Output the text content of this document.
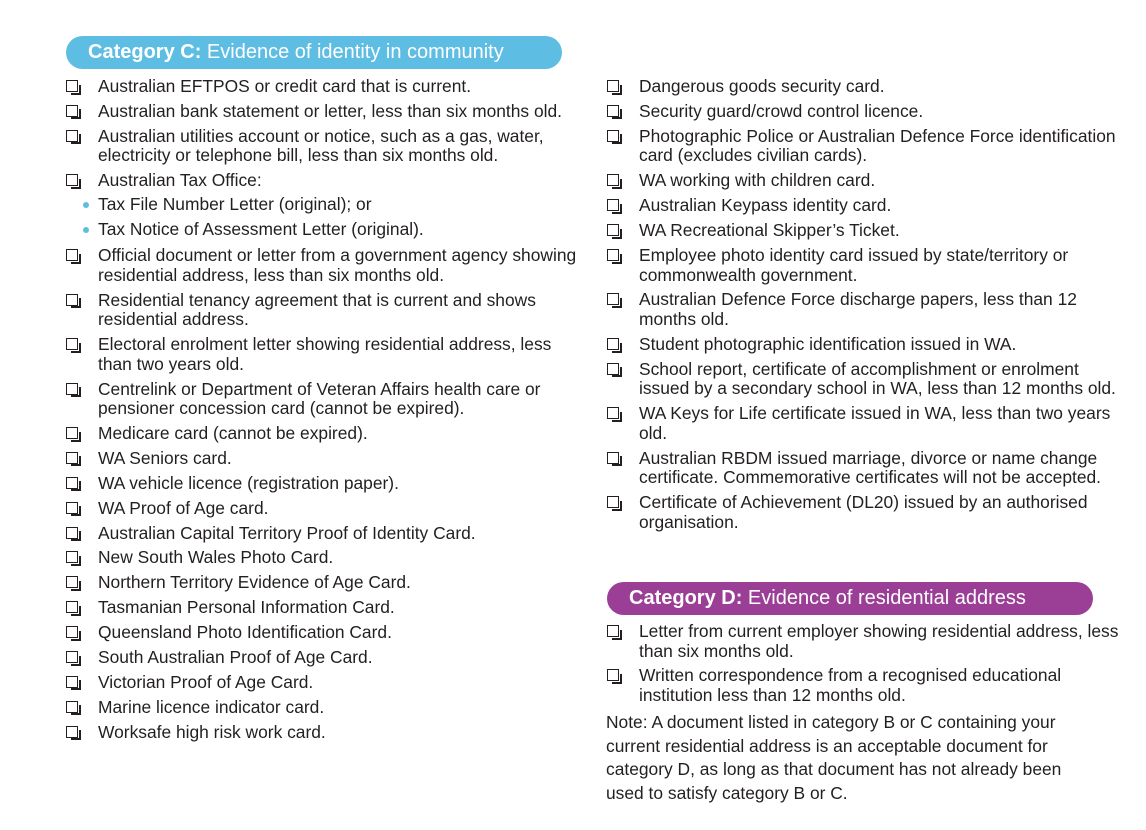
Category C: Evidence of identity in community
Australian EFTPOS or credit card that is current.
Australian bank statement or letter, less than six months old.
Australian utilities account or notice, such as a gas, water, electricity or telephone bill, less than six months old.
Australian Tax Office:
Tax File Number Letter (original); or
Tax Notice of Assessment Letter (original).
Official document or letter from a government agency showing residential address, less than six months old.
Residential tenancy agreement that is current and shows residential address.
Electoral enrolment letter showing residential address, less than two years old.
Centrelink or Department of Veteran Affairs health care or pensioner concession card (cannot be expired).
Medicare card (cannot be expired).
WA Seniors card.
WA vehicle licence (registration paper).
WA Proof of Age card.
Australian Capital Territory Proof of Identity Card.
New South Wales Photo Card.
Northern Territory Evidence of Age Card.
Tasmanian Personal Information Card.
Queensland Photo Identification Card.
South Australian Proof of Age Card.
Victorian Proof of Age Card.
Marine licence indicator card.
Worksafe high risk work card.
Dangerous goods security card.
Security guard/crowd control licence.
Photographic Police or Australian Defence Force identification card (excludes civilian cards).
WA working with children card.
Australian Keypass identity card.
WA Recreational Skipper’s Ticket.
Employee photo identity card issued by state/territory or commonwealth government.
Australian Defence Force discharge papers, less than 12 months old.
Student photographic identification issued in WA.
School report, certificate of accomplishment or enrolment issued by a secondary school in WA, less than 12 months old.
WA Keys for Life certificate issued in WA, less than two years old.
Australian RBDM issued marriage, divorce or name change certificate. Commemorative certificates will not be accepted.
Certificate of Achievement (DL20) issued by an authorised organisation.
Category D: Evidence of residential address
Letter from current employer showing residential address, less than six months old.
Written correspondence from a recognised educational institution less than 12 months old.
Note: A document listed in category B or C containing your current residential address is an acceptable document for category D, as long as that document has not already been used to satisfy category B or C.
